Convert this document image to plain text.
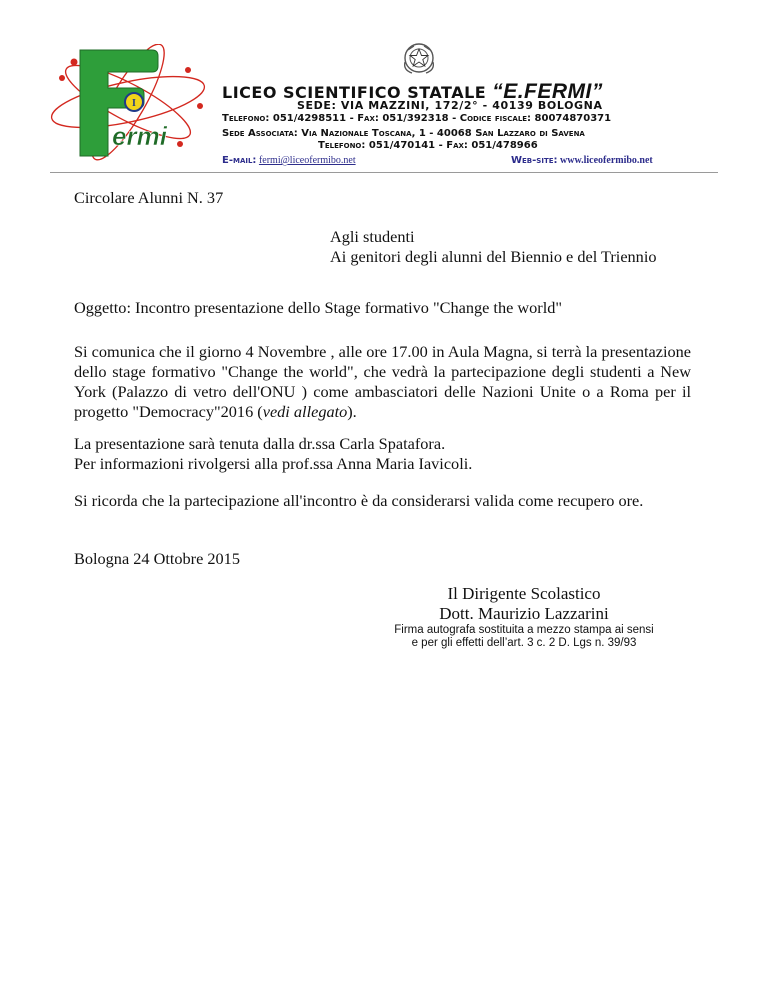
I
ermi
LICEO SCIENTIFICO STATALE “E.FERMI”
SEDE: VIA MAZZINI, 172/2° - 40139 BOLOGNA
Telefono: 051/4298511 - Fax: 051/392318 - Codice fiscale: 80074870371
Sede Associata: Via Nazionale Toscana, 1 - 40068 San Lazzaro di Savena
Telefono: 051/470141 - Fax: 051/478966
E-mail: fermi@liceofermibo.net	Web-site: www.liceofermibo.net
Circolare Alunni N. 37
Agli studenti
Ai genitori degli alunni del Biennio e del Triennio
Oggetto: Incontro presentazione dello Stage formativo "Change the world"
Si comunica che il giorno 4 Novembre , alle ore 17.00 in Aula Magna, si terrà la presentazione dello stage formativo "Change the world", che vedrà la partecipazione degli studenti a New York (Palazzo di vetro dell'ONU ) come ambasciatori delle Nazioni Unite o a Roma per il progetto "Democracy"2016 (vedi allegato).
La presentazione sarà tenuta dalla dr.ssa Carla Spatafora.
Per informazioni rivolgersi alla prof.ssa Anna Maria Iavicoli.
Si ricorda che la partecipazione all'incontro è da considerarsi valida come recupero ore.
Bologna 24 Ottobre 2015
Il Dirigente Scolastico
Dott. Maurizio Lazzarini
Firma autografa sostituita a mezzo stampa ai sensi
e per gli effetti dell’art. 3 c. 2 D. Lgs n. 39/93
